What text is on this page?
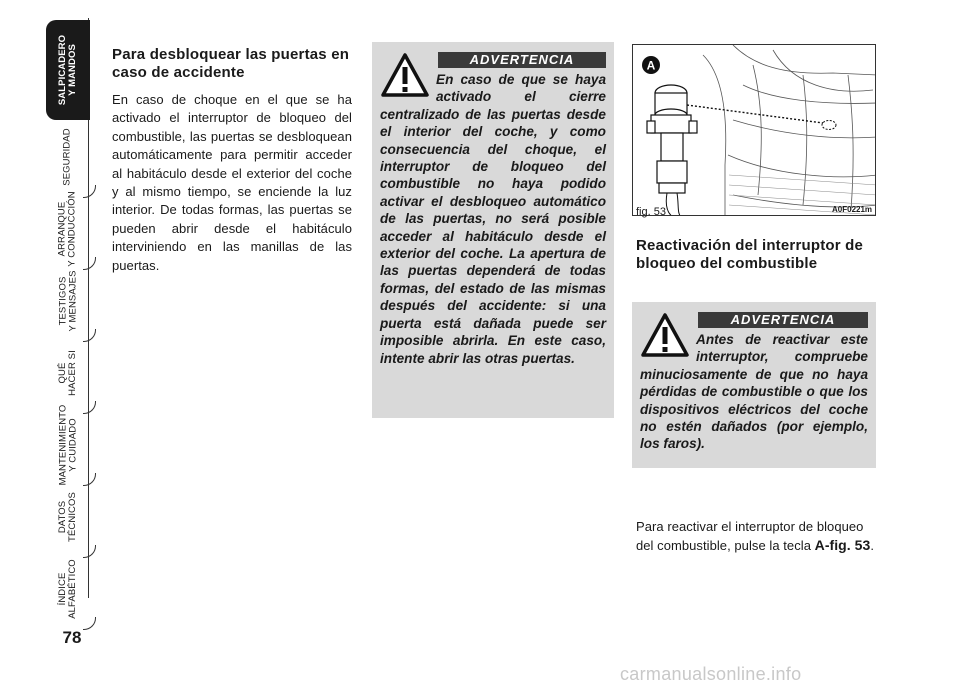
SALPICADERO
Y MANDOS
SEGURIDAD
ARRANQUE
Y CONDUCCIÓN
TESTIGOS
Y MENSAJES
QUÉ
HACER SI
MANTENIMIENTO
Y CUIDADO
DATOS
TÉCNICOS
ÍNDICE
ALFABÉTICO
78

Para desbloquear las puertas en caso de accidente

En caso de choque en el que se ha activado el interruptor de bloqueo del combustible, las puertas se desbloquean automáticamente para permitir acceder al habitáculo desde el exterior del coche y al mismo tiempo, se enciende la luz interior. De todas formas, las puertas se pueden abrir desde el habitáculo interviniendo en las manillas de las puertas.

ADVERTENCIA

En caso de que se haya activado el cierre centralizado de las puertas desde el interior del coche, y como consecuencia del choque, el interruptor de bloqueo del combustible no haya podido activar el desbloqueo automático de las puertas, no será posible acceder al habitáculo desde el exterior del coche. La apertura de las puertas dependerá de todas formas, del estado de las mismas después del accidente: si una puerta está dañada puede ser imposible abrirla. En este caso, intente abrir las otras puertas.

A
fig. 53	A0F0221m

Reactivación del interruptor de bloqueo del combustible

ADVERTENCIA

Antes de reactivar este interruptor, compruebe minuciosamente de que no haya pérdidas de combustible o que los dispositivos eléctricos del coche no estén dañados (por ejemplo, los faros).

Para reactivar el interruptor de bloqueo del combustible, pulse la tecla A-fig. 53.

carmanualsonline.info
